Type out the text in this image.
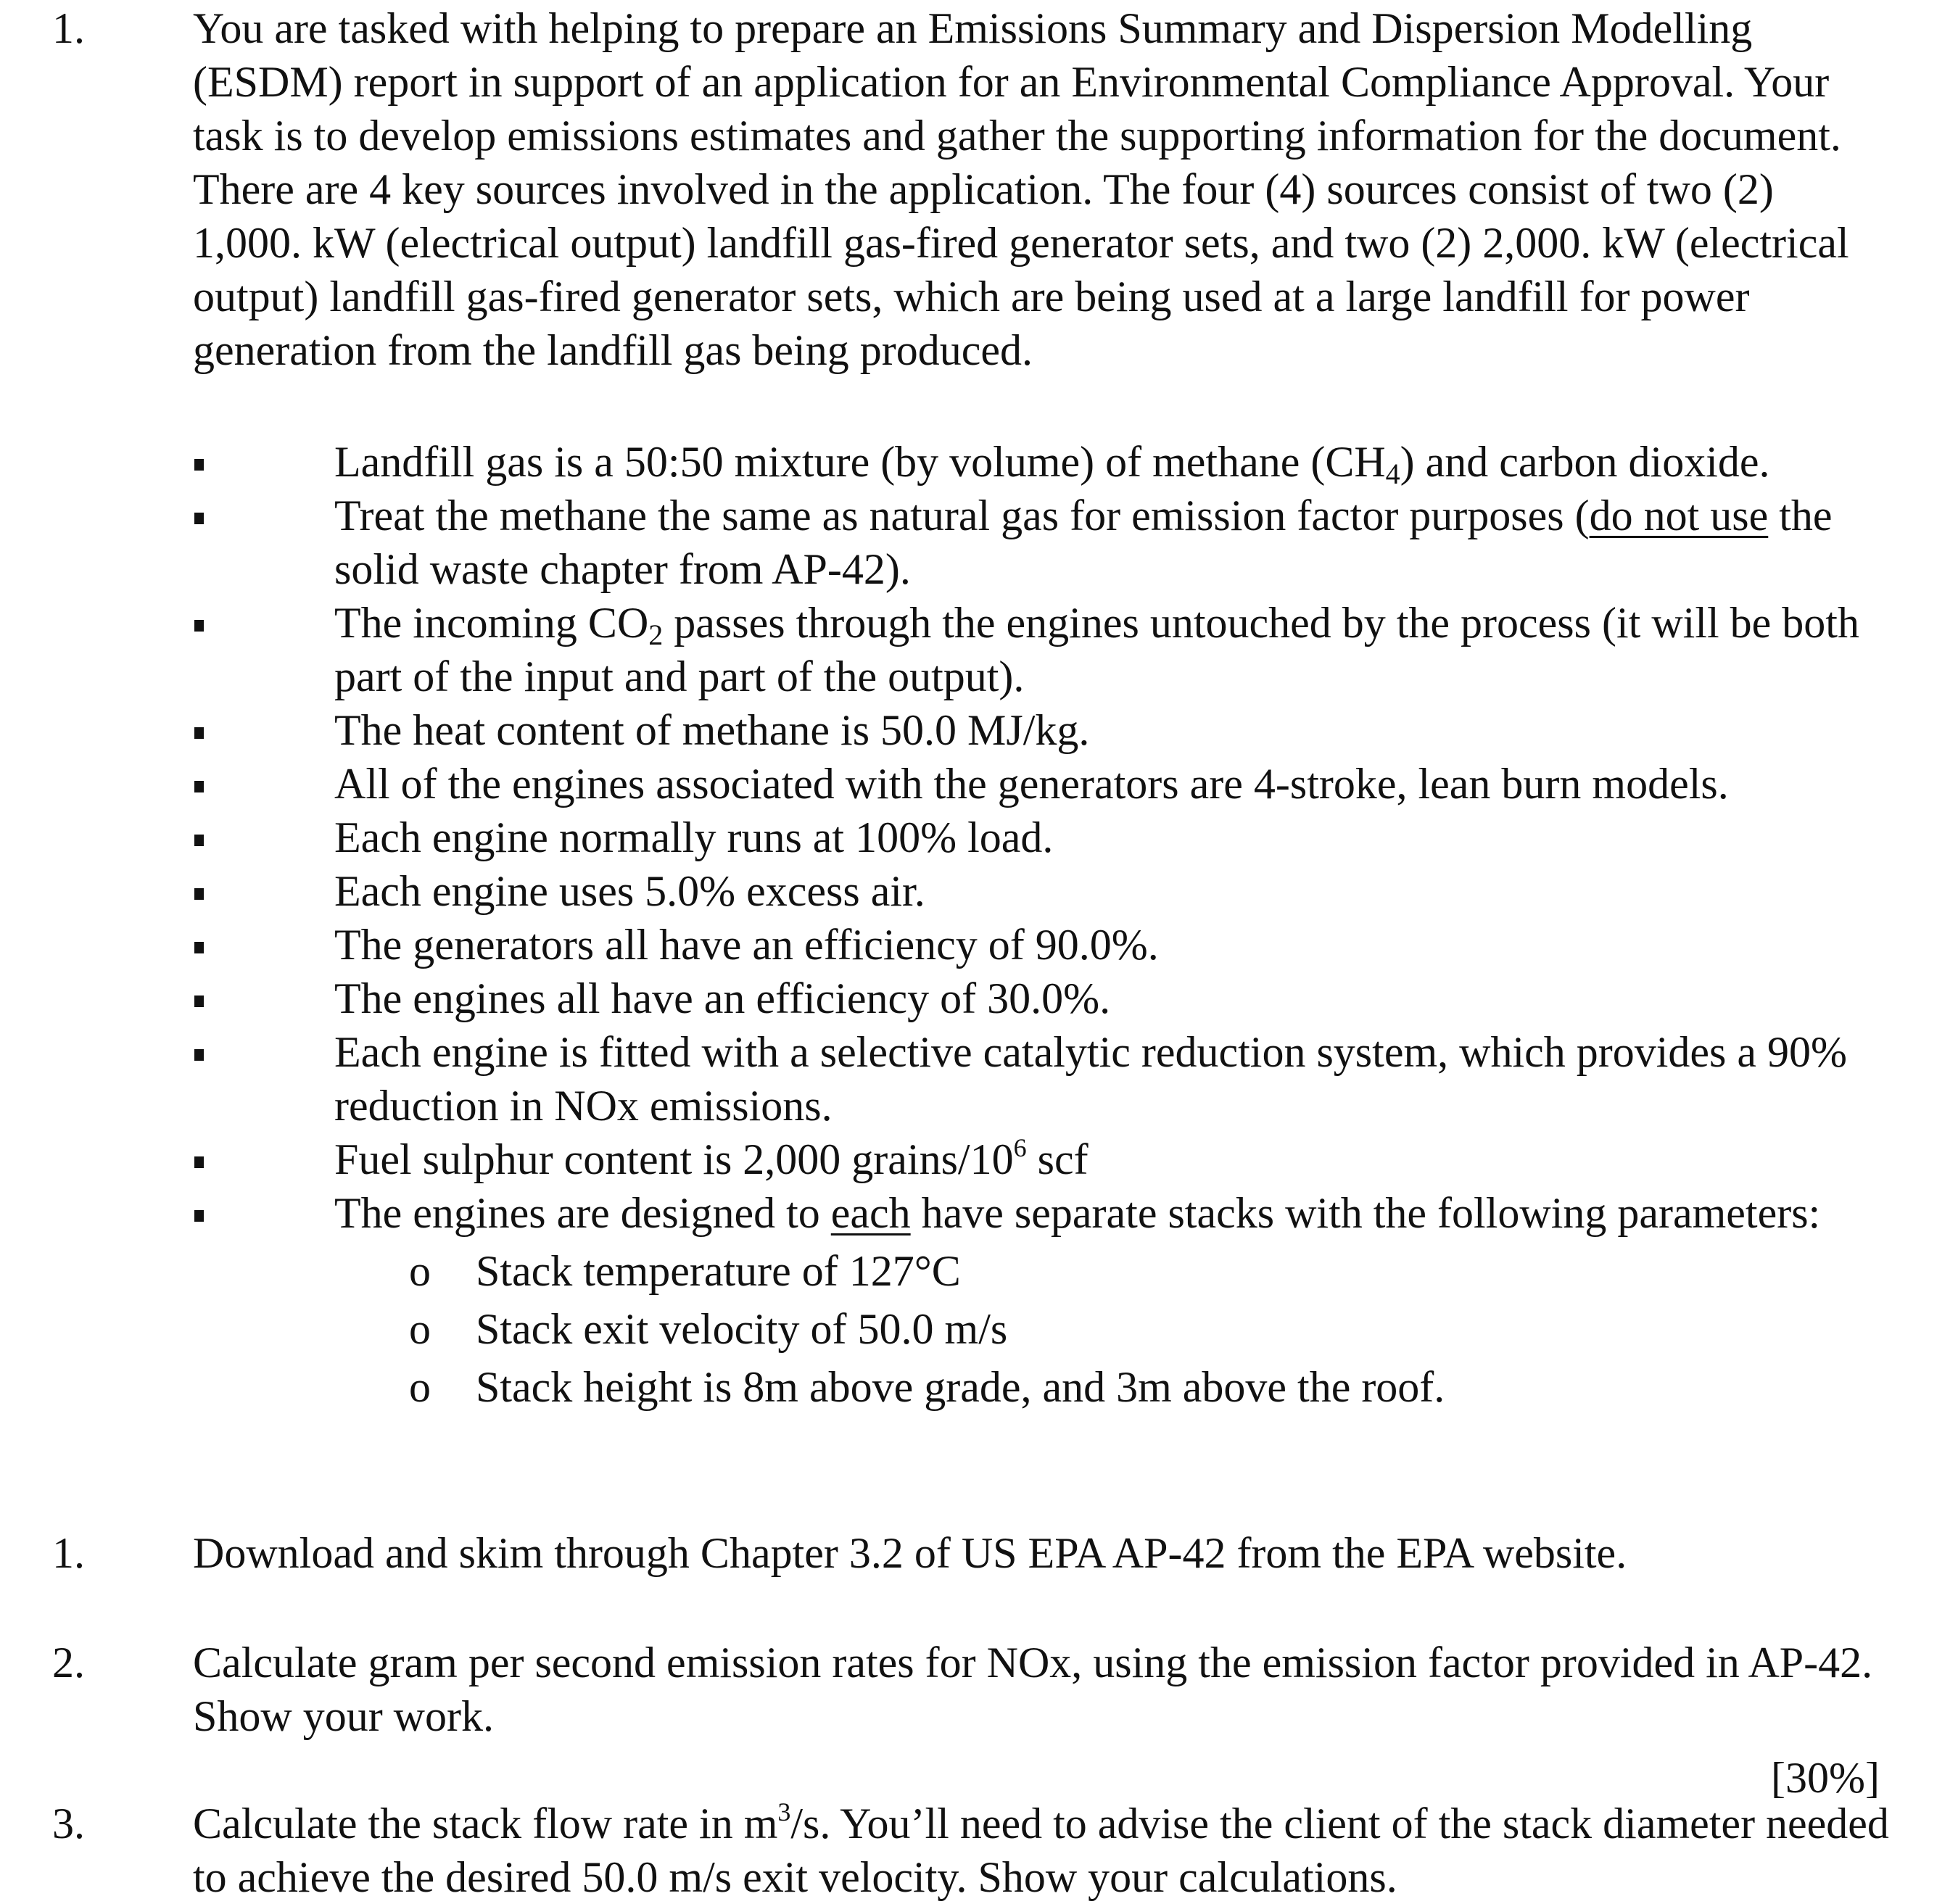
1. You are tasked with helping to prepare an Emissions Summary and Dispersion Modelling (ESDM) report in support of an application for an Environmental Compliance Approval. Your task is to develop emissions estimates and gather the supporting information for the document. There are 4 key sources involved in the application. The four (4) sources consist of two (2) 1,000. kW (electrical output) landfill gas-fired generator sets, and two (2) 2,000. kW (electrical output) landfill gas-fired generator sets, which are being used at a large landfill for power generation from the landfill gas being produced.
Landfill gas is a 50:50 mixture (by volume) of methane $(CH_4)$ and carbon dioxide.
Treat the methane the same as natural gas for emission factor purposes (do not use the solid waste chapter from AP-42).
The incoming $CO_2$ passes through the engines untouched by the process (it will be both part of the input and part of the output).
The heat content of methane is 50.0 MJ/kg.
All of the engines associated with the generators are 4-stroke, lean burn models.
Each engine normally runs at 100% load.
Each engine uses 5.0% excess air.
The generators all have an efficiency of 90.0%.
The engines all have an efficiency of 30.0%.
Each engine is fitted with a selective catalytic reduction system, which provides a 90% reduction in NOx emissions.
Fuel sulphur content is 2,000 grains/$10^6$ scf
The engines are designed to each have separate stacks with the following parameters:
o Stack temperature of 127°C
o Stack exit velocity of 50.0 m/s
o Stack height is 8m above grade, and 3m above the roof.
1. Download and skim through Chapter 3.2 of US EPA AP-42 from the EPA website.
2. Calculate gram per second emission rates for NOx, using the emission factor provided in AP-42. Show your work.
[30%]
3. Calculate the stack flow rate in $m^3/s$. You’ll need to advise the client of the stack diameter needed to achieve the desired 50.0 m/s exit velocity. Show your calculations.
